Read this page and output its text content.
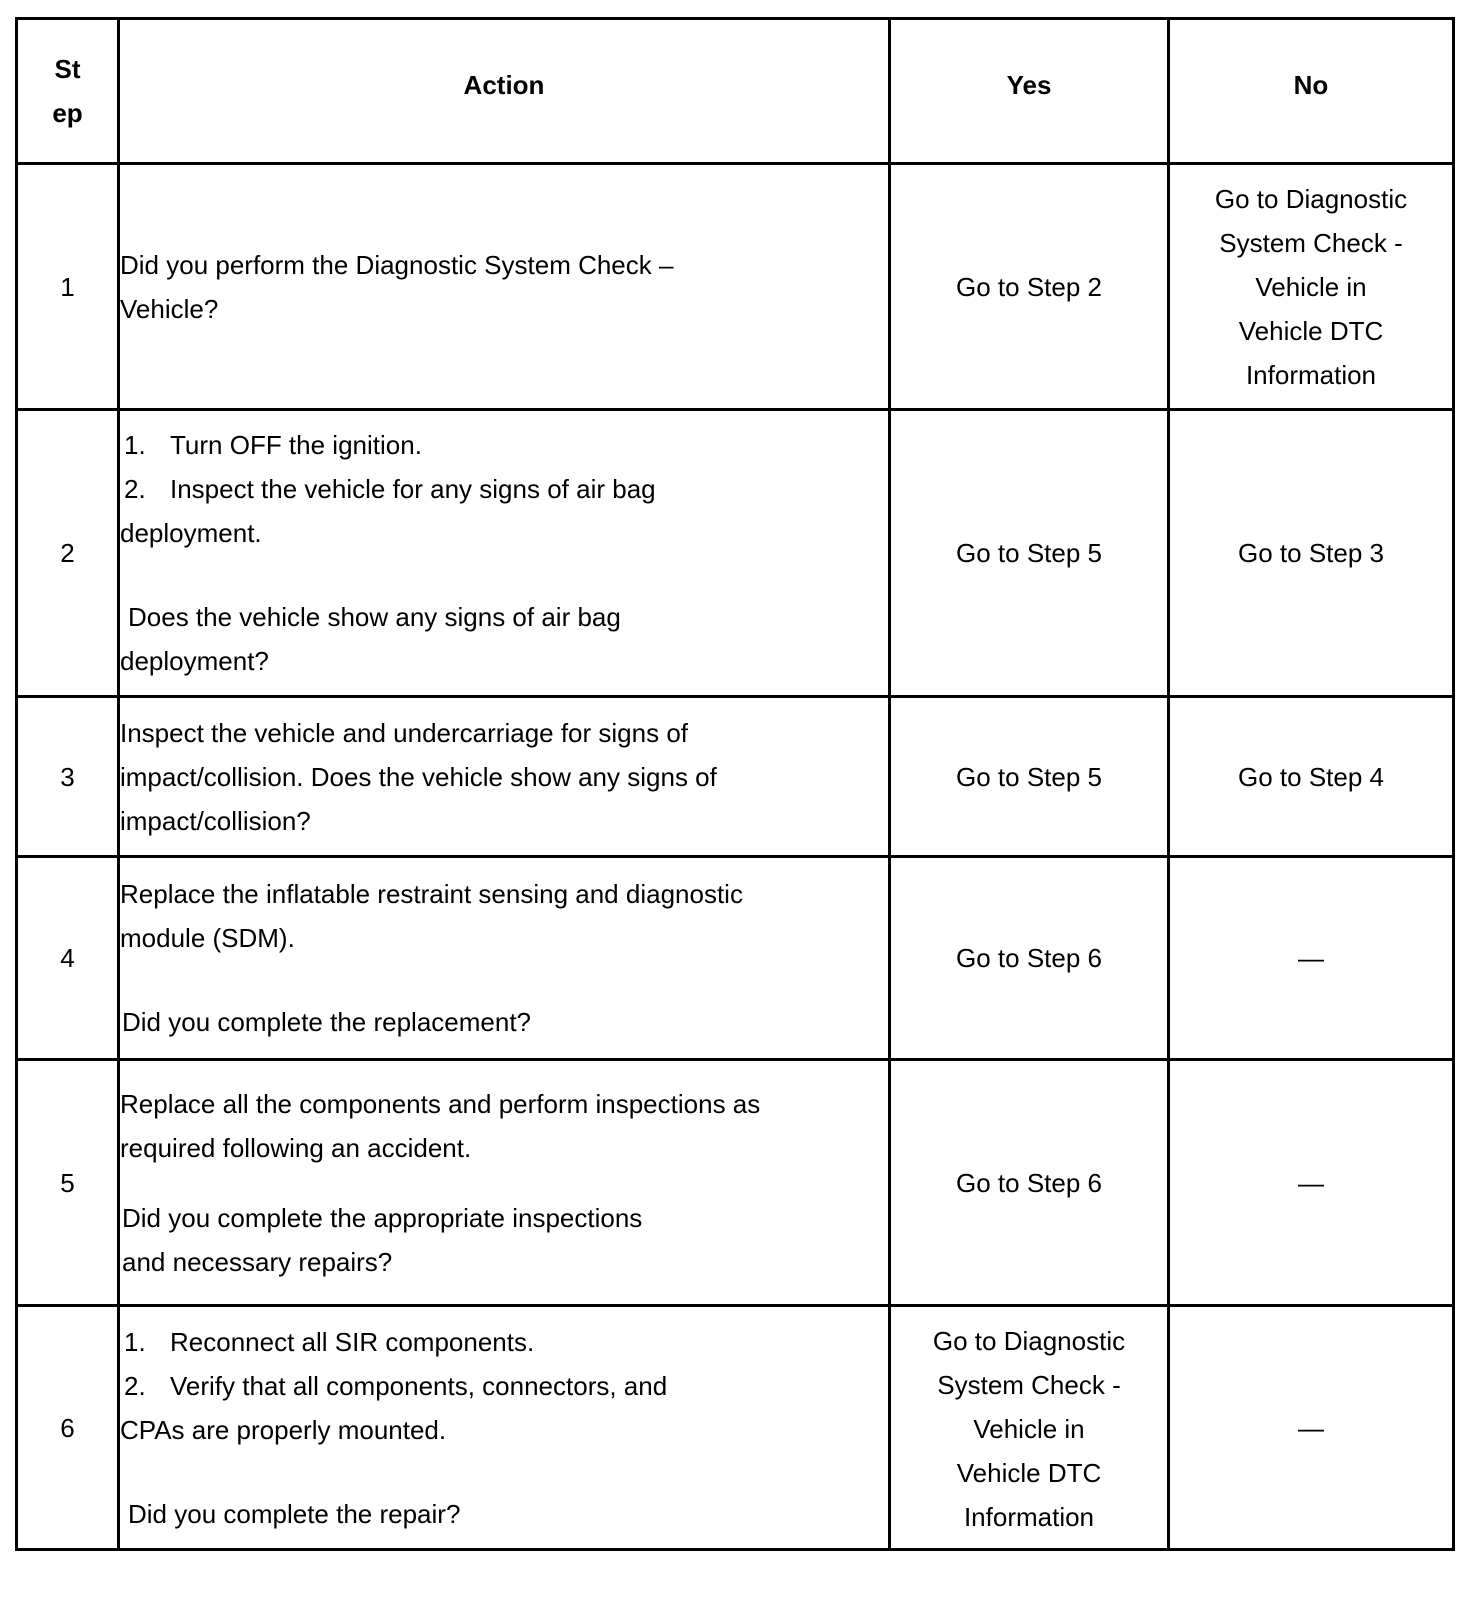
St
ep	Action	Yes	No

1	Did you perform the Diagnostic System Check –
Vehicle?	Go to Step 2	Go to Diagnostic
System Check -
Vehicle in
Vehicle DTC
Information

2	1. Turn OFF the ignition.
2. Inspect the vehicle for any signs of air bag
deployment.
Does the vehicle show any signs of air bag
deployment?	Go to Step 5	Go to Step 3

3	Inspect the vehicle and undercarriage for signs of
impact/collision. Does the vehicle show any signs of
impact/collision?	Go to Step 5	Go to Step 4

4	Replace the inflatable restraint sensing and diagnostic
module (SDM).
Did you complete the replacement?	Go to Step 6	—

5	Replace all the components and perform inspections as
required following an accident.
Did you complete the appropriate inspections
and necessary repairs?	Go to Step 6	—

6	1. Reconnect all SIR components.
2. Verify that all components, connectors, and
CPAs are properly mounted.
Did you complete the repair?	Go to Diagnostic
System Check -
Vehicle in
Vehicle DTC
Information	—
